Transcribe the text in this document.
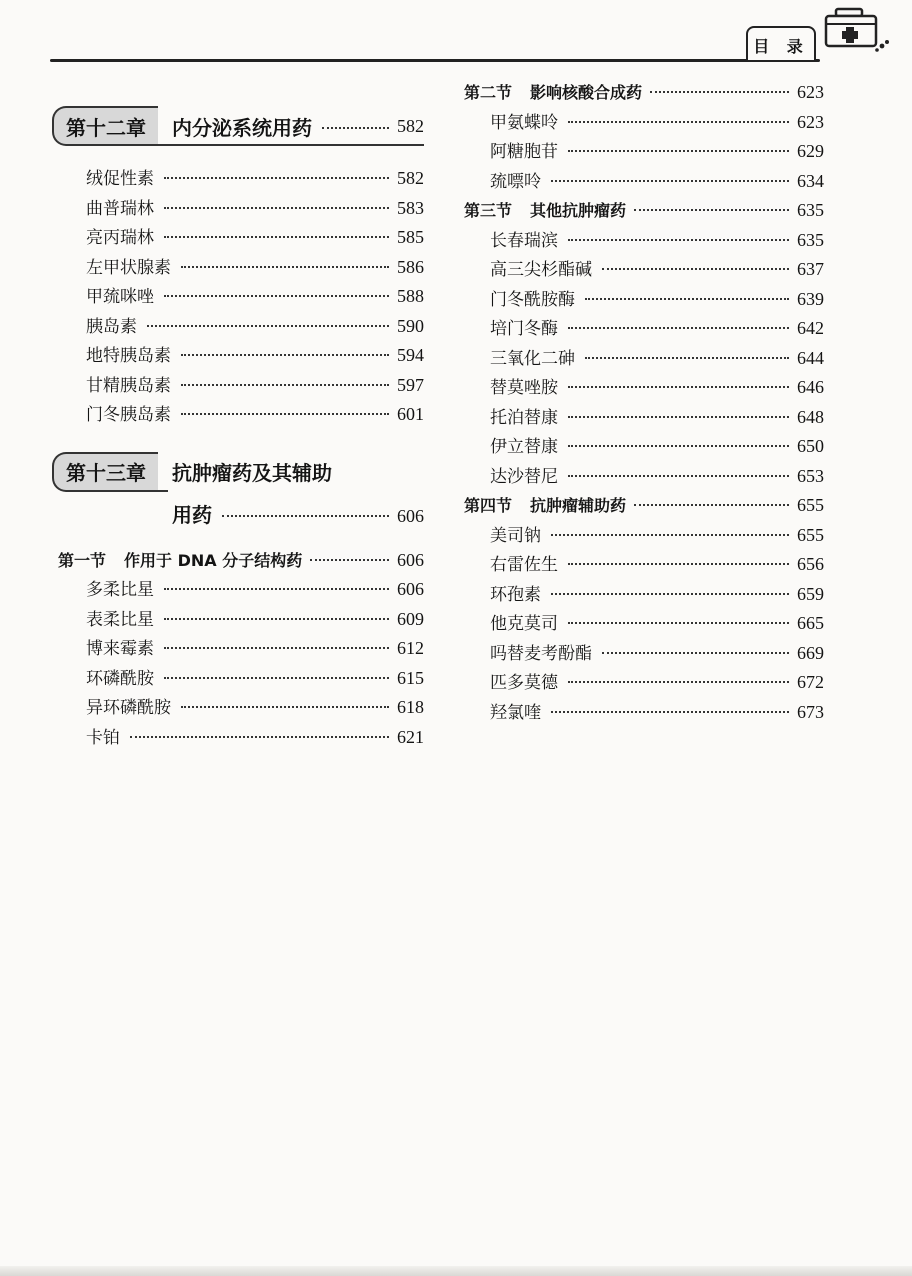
目 录
第十二章	内分泌系统用药	582
绒促性素	582
曲普瑞林	583
亮丙瑞林	585
左甲状腺素	586
甲巯咪唑	588
胰岛素	590
地特胰岛素	594
甘精胰岛素	597
门冬胰岛素	601
第十三章	抗肿瘤药及其辅助
用药	606
第一节 作用于 DNA 分子结构药	606
多柔比星	606
表柔比星	609
博来霉素	612
环磷酰胺	615
异环磷酰胺	618
卡铂	621
第二节 影响核酸合成药	623
甲氨蝶呤	623
阿糖胞苷	629
巯嘌呤	634
第三节 其他抗肿瘤药	635
长春瑞滨	635
高三尖杉酯碱	637
门冬酰胺酶	639
培门冬酶	642
三氧化二砷	644
替莫唑胺	646
托泊替康	648
伊立替康	650
达沙替尼	653
第四节 抗肿瘤辅助药	655
美司钠	655
右雷佐生	656
环孢素	659
他克莫司	665
吗替麦考酚酯	669
匹多莫德	672
羟氯喹	673
